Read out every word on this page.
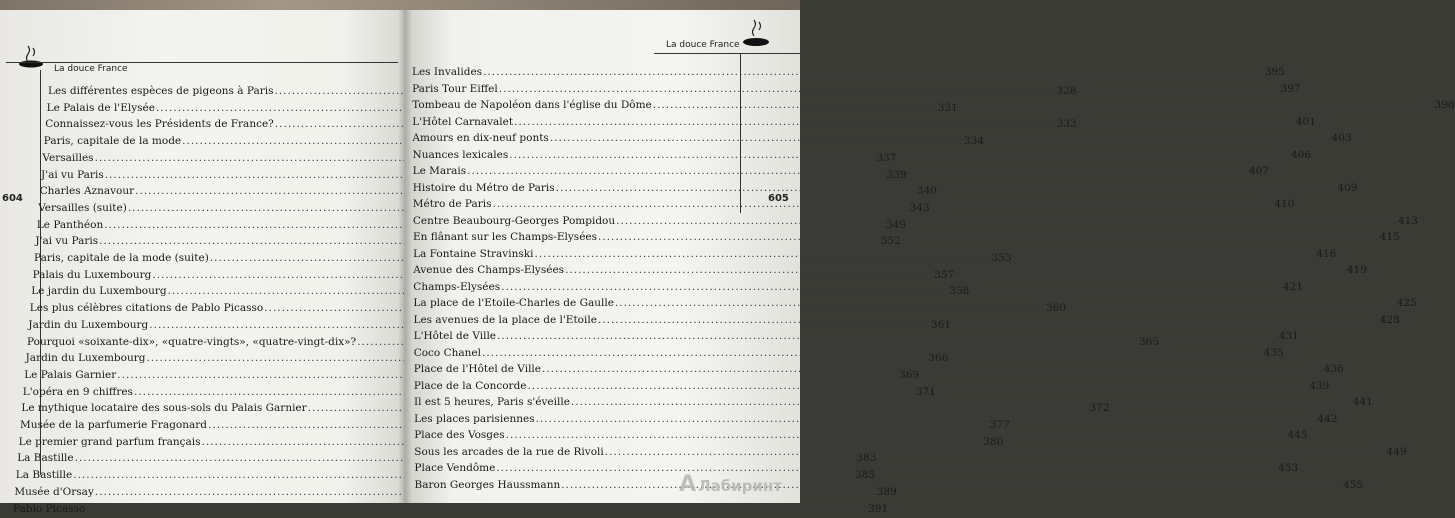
La douce France
604
Les différentes espèces de pigeons à Paris .....	328
Le Palais de l'Elysée .....	331
Connaissez-vous les Présidents de France? .....	333
Paris, capitale de la mode .....	334
Versailles .....	337
J'ai vu Paris .....	339
Charles Aznavour .....	340
Versailles (suite) .....	343
Le Panthéon .....	349
J'ai vu Paris .....	352
Paris, capitale de la mode (suite) .....	353
Palais du Luxembourg .....	357
Le jardin du Luxembourg .....	358
Les plus célèbres citations de Pablo Picasso .....	360
Jardin du Luxembourg .....	361
Pourquoi «soixante-dix», «quatre-vingts», «quatre-vingt-dix»? .....	365
Jardin du Luxembourg .....	366
Le Palais Garnier .....	369
L'opéra en 9 chiffres .....	371
Le mythique locataire des sous-sols du Palais Garnier .....	372
Musée de la parfumerie Fragonard .....	377
Le premier grand parfum français .....	380
La Bastille .....	383
La Bastille .....	385
Musée d'Orsay .....	389
Pablo Picasso .....	391
La douce France
605
Les Invalides .....	395
Paris Tour Eiffel .....	397
Tombeau de Napoléon dans l'église du Dôme .....	398
L'Hôtel Carnavalet .....	401
Amours en dix-neuf ponts .....	403
Nuances lexicales .....	406
Le Marais .....	407
Histoire du Métro de Paris .....	409
Métro de Paris .....	410
Centre Beaubourg-Georges Pompidou .....	413
En flânant sur les Champs-Elysées .....	415
La Fontaine Stravinski .....	416
Avenue des Champs-Elysées .....	419
Champs-Elysées .....	421
La place de l'Etoile-Charles de Gaulle .....	425
Les avenues de la place de l'Etoile .....	428
L'Hôtel de Ville .....	431
Coco Chanel .....	435
Place de l'Hôtel de Ville .....	436
Place de la Concorde .....	439
Il est 5 heures, Paris s'éveille .....	441
Les places parisiennes .....	442
Place des Vosges .....	445
Sous les arcades de la rue de Rivoli .....	449
Place Vendôme .....	453
Baron Georges Haussmann .....	455
A Лабиринт
